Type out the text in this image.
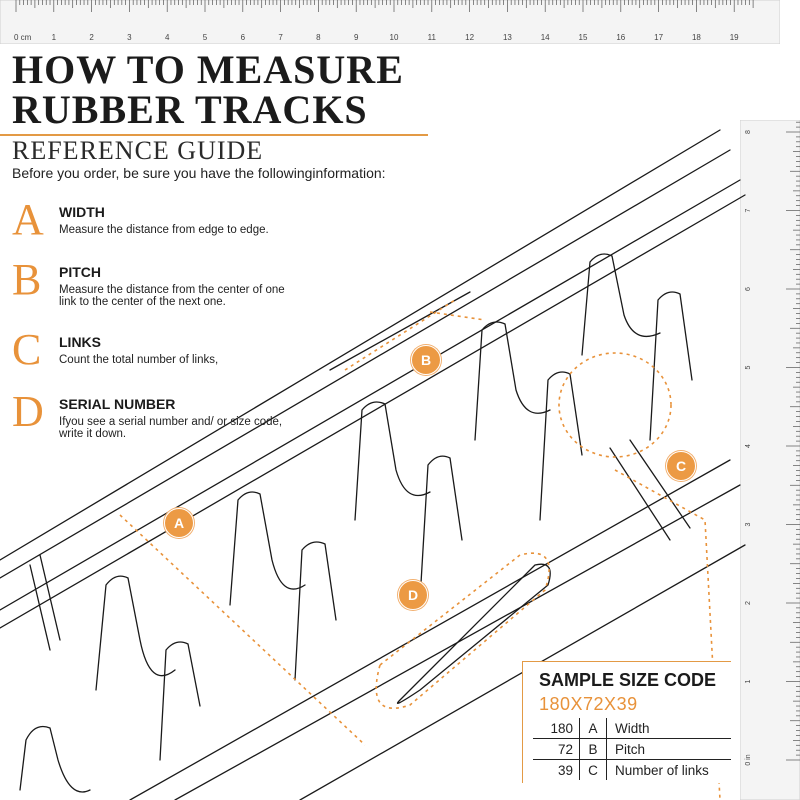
0 cm	1	2	3	4	5	6	7	8	9	10	11	12	13	14	15	16	17	18	19
0 in
1
2
3
4
5
6
7
8
HOW TO MEASURE
RUBBER TRACKS
REFERENCE GUIDE
Before you order, be sure you have the followinginformation:
A	WIDTH
Measure the distance from edge to edge.
B	PITCH
Measure the distance from the center of one link to the center of the next one.
C	LINKS
Count the total number of links,
D	SERIAL NUMBER
Ifyou see a serial number and/ or size code, write it down.
A
B
C
D
SAMPLE SIZE CODE
180X72X39
180	A	Width
72	B	Pitch
39	C	Number of links
